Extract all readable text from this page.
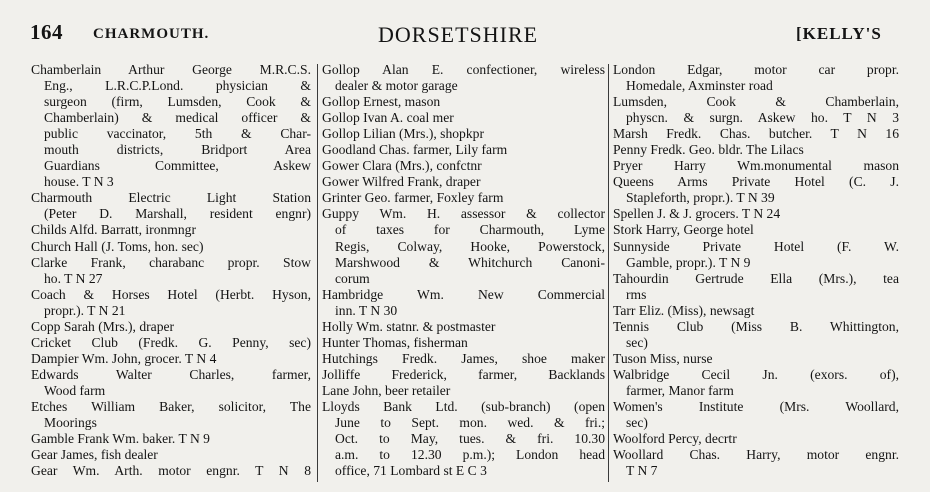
164 CHARMOUTH.	DORSETSHIRE	[KELLY'S
Chamberlain Arthur George M.R.C.S.
Eng., L.R.C.P.Lond. physician &
surgeon (firm, Lumsden, Cook &
Chamberlain) & medical officer &
public vaccinator, 5th & Char-
mouth districts, Bridport Area
Guardians Committee, Askew
house. T N 3
Charmouth Electric Light Station
(Peter D. Marshall, resident engnr)
Childs Alfd. Barratt, ironmngr
Church Hall (J. Toms, hon. sec)
Clarke Frank, charabanc propr. Stow
ho. T N 27
Coach & Horses Hotel (Herbt. Hyson,
propr.). T N 21
Copp Sarah (Mrs.), draper
Cricket Club (Fredk. G. Penny, sec)
Dampier Wm. John, grocer. T N 4
Edwards Walter Charles, farmer,
Wood farm
Etches William Baker, solicitor, The
Moorings
Gamble Frank Wm. baker. T N 9
Gear James, fish dealer
Gear Wm. Arth. motor engnr. T N 8
Gollop Alan E. confectioner, wireless
dealer & motor garage
Gollop Ernest, mason
Gollop Ivan A. coal mer
Gollop Lilian (Mrs.), shopkpr
Goodland Chas. farmer, Lily farm
Gower Clara (Mrs.), confctnr
Gower Wilfred Frank, draper
Grinter Geo. farmer, Foxley farm
Guppy Wm. H. assessor & collector
of taxes for Charmouth, Lyme
Regis, Colway, Hooke, Powerstock,
Marshwood & Whitchurch Canoni-
corum
Hambridge Wm. New Commercial
inn. T N 30
Holly Wm. statnr. & postmaster
Hunter Thomas, fisherman
Hutchings Fredk. James, shoe maker
Jolliffe Frederick, farmer, Backlands
Lane John, beer retailer
Lloyds Bank Ltd. (sub-branch) (open
June to Sept. mon. wed. & fri.;
Oct. to May, tues. & fri. 10.30
a.m. to 12.30 p.m.); London head
office, 71 Lombard st E C 3
London Edgar, motor car propr.
Homedale, Axminster road
Lumsden, Cook & Chamberlain,
physcn. & surgn. Askew ho. T N 3
Marsh Fredk. Chas. butcher. T N 16
Penny Fredk. Geo. bldr. The Lilacs
Pryer Harry Wm.monumental mason
Queens Arms Private Hotel (C. J.
Stapleforth, propr.). T N 39
Spellen J. & J. grocers. T N 24
Stork Harry, George hotel
Sunnyside Private Hotel (F. W.
Gamble, propr.). T N 9
Tahourdin Gertrude Ella (Mrs.), tea
rms
Tarr Eliz. (Miss), newsagt
Tennis Club (Miss B. Whittington,
sec)
Tuson Miss, nurse
Walbridge Cecil Jn. (exors. of),
farmer, Manor farm
Women's Institute (Mrs. Woollard,
sec)
Woolford Percy, decrtr
Woollard Chas. Harry, motor engnr.
T N 7
